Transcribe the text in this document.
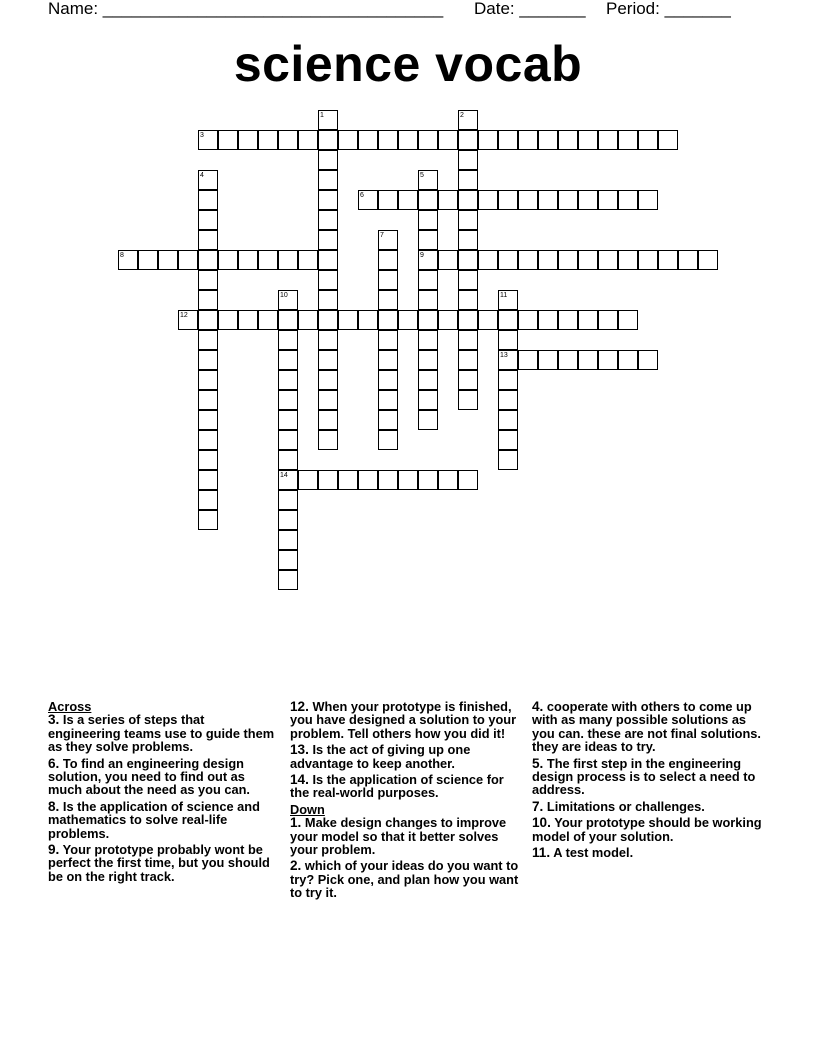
Name: ____________________________________ Date: _______ Period: _______
science vocab
1	2
3
4	5
6
7
8	9
10	11
12
13
14

Across

3. Is a series of steps that engineering teams use to guide them as they solve problems.

6. To find an engineering design solution, you need to find out as much about the need as you can.

8. Is the application of science and mathematics to solve real-life problems.

9. Your prototype probably wont be perfect the first time, but you should be on the right track.

12. When your prototype is finished, you have designed a solution to your problem. Tell others how you did it!

13. Is the act of giving up one advantage to keep another.

14. Is the application of science for the real-world purposes.

Down

1. Make design changes to improve your model so that it better solves your problem.

2. which of your ideas do you want to try? Pick one, and plan how you want to try it.

4. cooperate with others to come up with as many possible solutions as you can. these are not final solutions. they are ideas to try.

5. The first step in the engineering design process is to select a need to address.

7. Limitations or challenges.

10. Your prototype should be working model of your solution.

11. A test model.
